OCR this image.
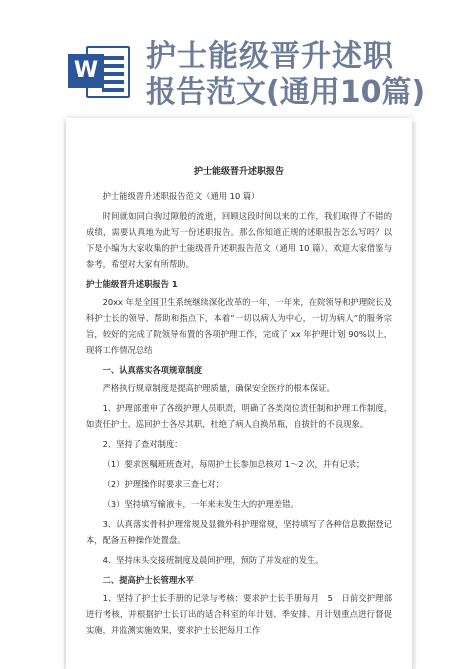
W 护士能级晋升述职
报告范文(通用10篇)
护士能级晋升述职报告
护士能级晋升述职报告范文（通用 10 篇）
时间就如同白驹过隙般的流逝，回顾这段时间以来的工作，我们取得了不错的成绩，需要认真地为此写一份述职报告。那么你知道正规的述职报告怎么写吗？以下是小编为大家收集的护士能级晋升述职报告范文（通用 10 篇），欢迎大家借鉴与参考，希望对大家有所帮助。
护士能级晋升述职报告 1
20xx 年是全国卫生系统继续深化改革的一年，一年来，在院领导和护理院长及科护士长的领导、帮助和指点下，本着“一切以病人为中心，一切为病人”的服务宗旨，较好的完成了院领导布置的各项护理工作，完成了 xx 年护理计划 90%以上，现将工作情况总结
一、认真落实各项规章制度
严格执行规章制度是提高护理质量，确保安全医疗的根本保证。
1、护理部重申了各级护理人员职责，明确了各类岗位责任制和护理工作制度，如责任护士、巡回护士各尽其职，杜绝了病人自换吊瓶，自拔针的不良现象。
2、坚持了查对制度：
（1）要求医嘱班班查对，每周护士长参加总核对 1～2 次，并有记录；
（2）护理操作时要求三查七对；
（3）坚持填写输液卡，一年来未发生大的护理差错。
3、认真落实骨科护理常规及显微外科护理常规，坚持填写了各种信息数据登记本，配备五种操作处置盘。
4、坚持床头交接班制度及晨间护理，预防了并发症的发生。
二、提高护士长管理水平
1、坚持了护士长手册的记录与考核：要求护士长手册每月　5　日前交护理部进行考核，并根据护士长订出的适合科室的年计划、季安排、月计划重点进行督促实施，并监测实施效果，要求护士长把每月工作
